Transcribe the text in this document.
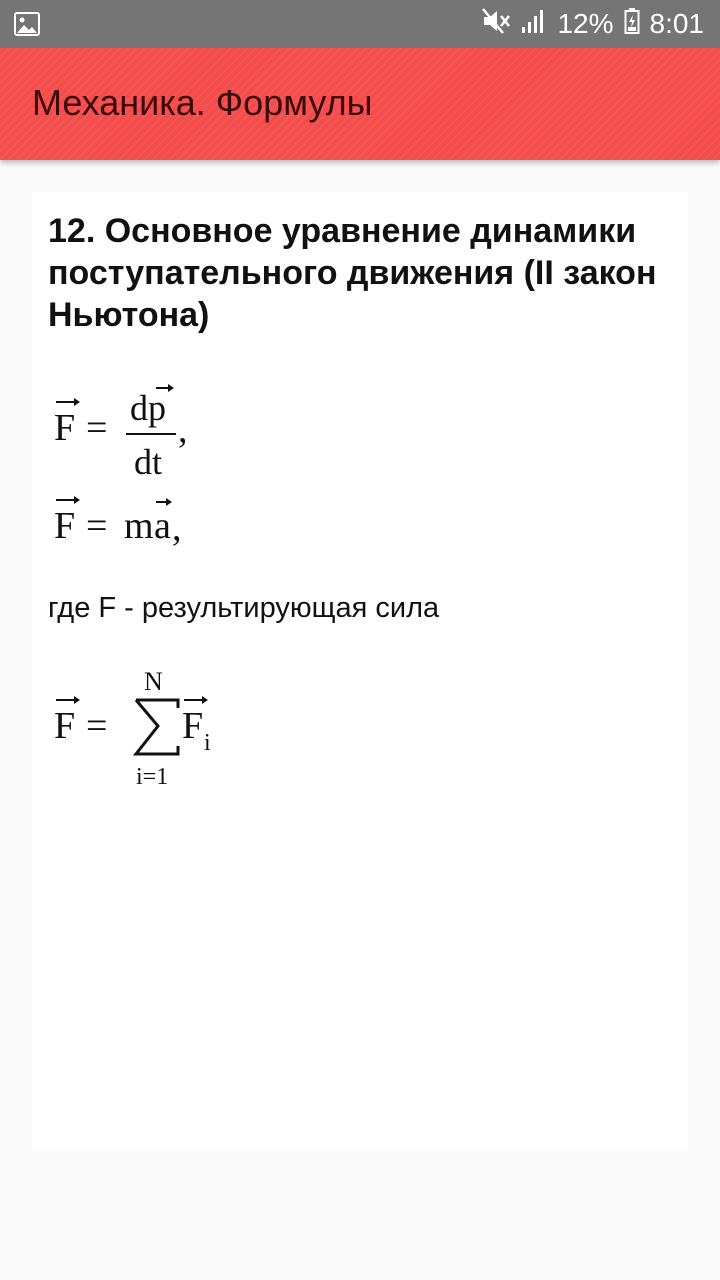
12% 8:01
Механика. Формулы
12. Основное уравнение динамики поступательного движения (II закон Ньютона)
F = dp
dt
,
F = m a ,
где F - результирующая сила
F =
N
i=1
F i
